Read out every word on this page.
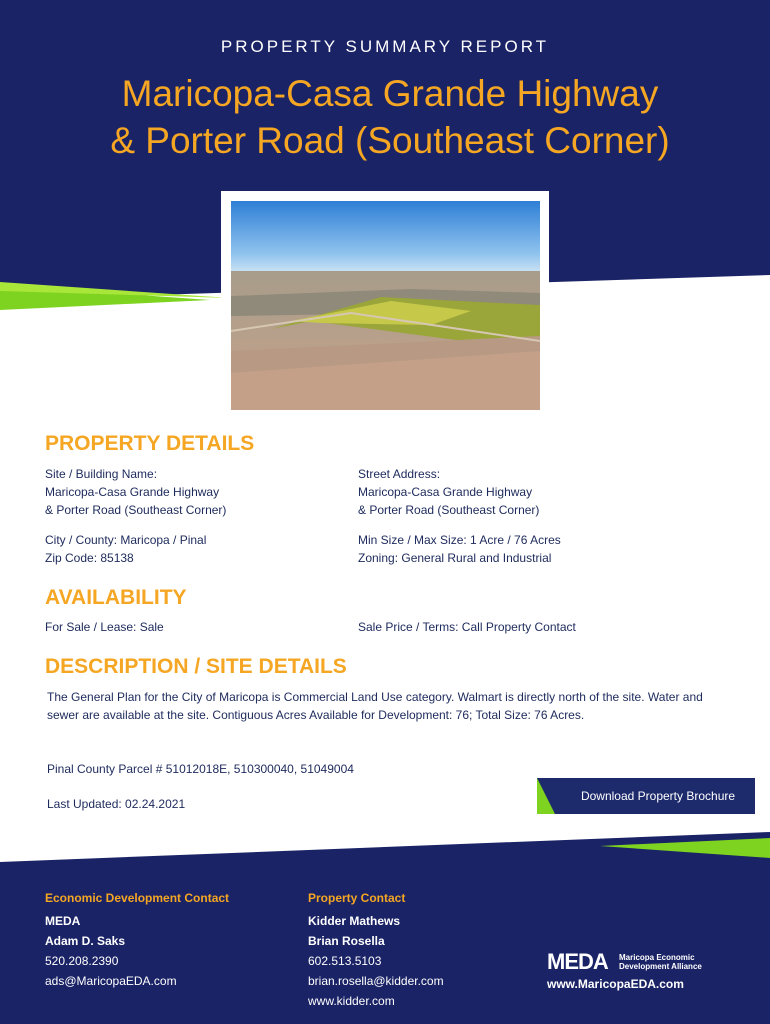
PROPERTY SUMMARY REPORT
Maricopa-Casa Grande Highway
& Porter Road (Southeast Corner)
PROPERTY DETAILS
Site / Building Name:
Maricopa-Casa Grande Highway
& Porter Road (Southeast Corner)
Street Address:
Maricopa-Casa Grande Highway
& Porter Road (Southeast Corner)
City / County: Maricopa / Pinal
Zip Code: 85138
Min Size / Max Size: 1 Acre / 76 Acres
Zoning: General Rural and Industrial
AVAILABILITY
For Sale / Lease: Sale	Sale Price / Terms: Call Property Contact
DESCRIPTION / SITE DETAILS
The General Plan for the City of Maricopa is Commercial Land Use category. Walmart is directly north of the site. Water and sewer are available at the site. Contiguous Acres Available for Development: 76; Total Size: 76 Acres.
Pinal County Parcel # 51012018E, 510300040, 51049004
Last Updated: 02.24.2021
Download Property Brochure
Economic Development Contact
MEDA
Adam D. Saks
520.208.2390
ads@MaricopaEDA.com
Property Contact
Kidder Mathews
Brian Rosella
602.513.5103
brian.rosella@kidder.com
www.kidder.com
MEDA Maricopa Economic
Development Alliance
www.MaricopaEDA.com
